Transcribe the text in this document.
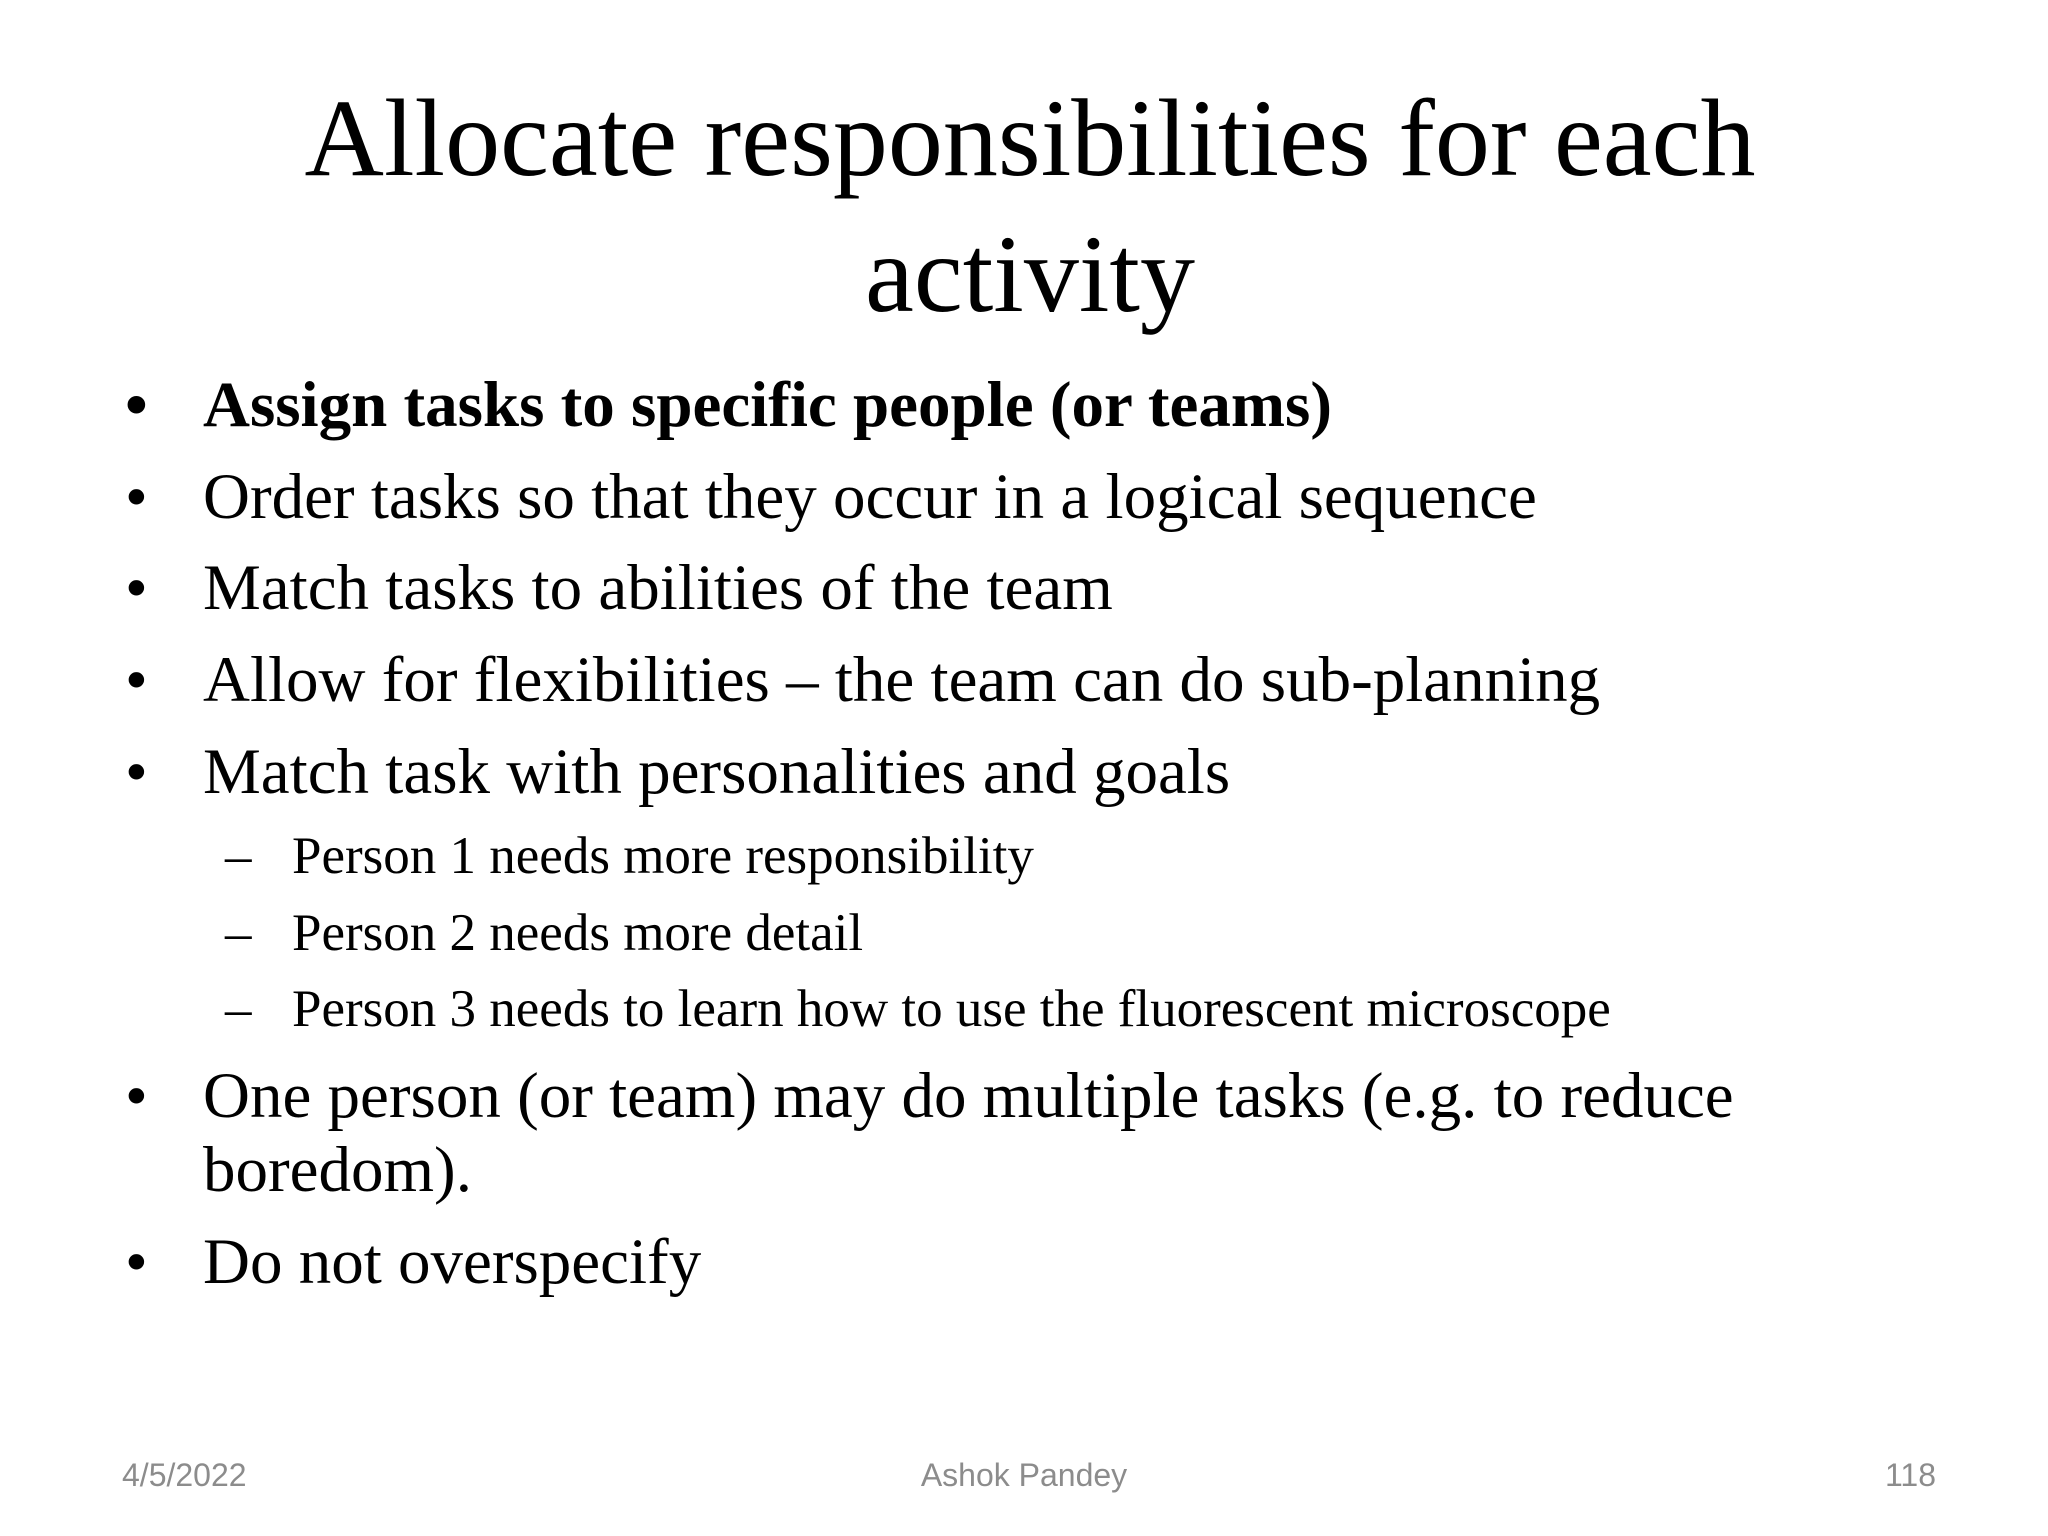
Allocate responsibilities for each
activity
• Assign tasks to specific people (or teams)
• Order tasks so that they occur in a logical sequence
• Match tasks to abilities of the team
• Allow for flexibilities – the team can do sub-planning
• Match task with personalities and goals
– Person 1 needs more responsibility
– Person 2 needs more detail
– Person 3 needs to learn how to use the fluorescent microscope
• One person (or team) may do multiple tasks (e.g. to reduce boredom).
• Do not overspecify
4/5/2022	Ashok Pandey	118
